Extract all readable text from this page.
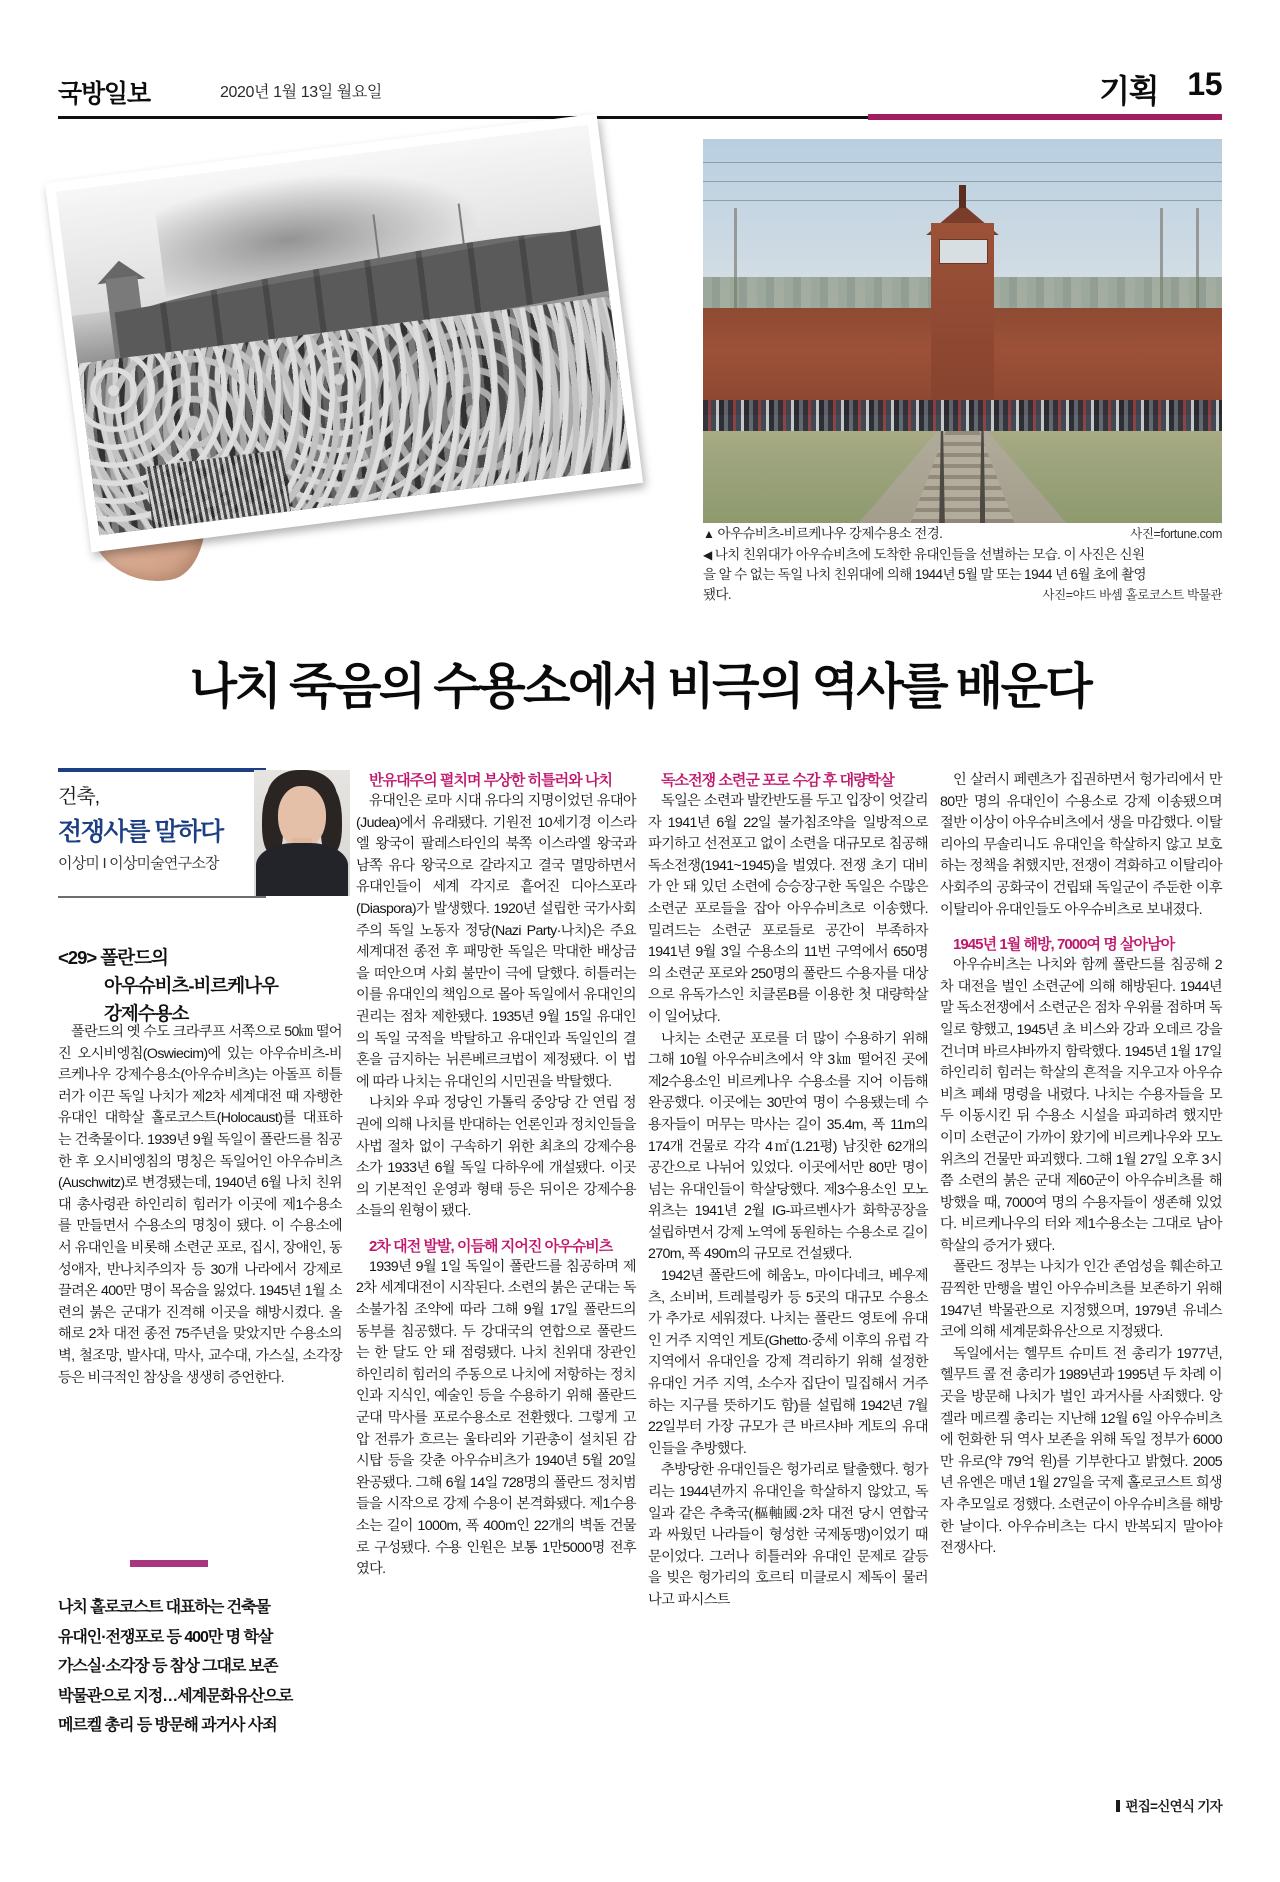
국방일보	2020년 1월 13일 월요일	기획 15
▲ 아우슈비츠-비르케나우 강제수용소 전경.	사진=fortune.com
◀ 나치 친위대가 아우슈비츠에 도착한 유대인들을 선별하는 모습. 이 사진은 신원
을 알 수 없는 독일 나치 친위대에 의해 1944년 5월 말 또는 1944 년 6월 초에 촬영
됐다.	사진=야드 바셈 홀로코스트 박물관
나치 죽음의 수용소에서 비극의 역사를 배운다
건축,
전쟁사를 말하다
이상미 I 이상미술연구소장
<29> 폴란드의
아우슈비츠-비르케나우
강제수용소

폴란드의 옛 수도 크라쿠프 서쪽으로 50㎞ 떨어진 오시비엥침(Oswiecim)에 있는 아우슈비츠-비르케나우 강제수용소(아우슈비츠)는 아돌프 히틀러가 이끈 독일 나치가 제2차 세계대전 때 자행한 유대인 대학살 홀로코스트(Holocaust)를 대표하는 건축물이다. 1939년 9월 독일이 폴란드를 침공한 후 오시비엥침의 명칭은 독일어인 아우슈비츠(Auschwitz)로 변경됐는데, 1940년 6월 나치 친위대 총사령관 하인리히 힘러가 이곳에 제1수용소를 만들면서 수용소의 명칭이 됐다. 이 수용소에서 유대인을 비롯해 소련군 포로, 집시, 장애인, 동성애자, 반나치주의자 등 30개 나라에서 강제로 끌려온 400만 명이 목숨을 잃었다. 1945년 1월 소련의 붉은 군대가 진격해 이곳을 해방시켰다. 올해로 2차 대전 종전 75주년을 맞았지만 수용소의 벽, 철조망, 발사대, 막사, 교수대, 가스실, 소각장 등은 비극적인 참상을 생생히 증언한다.

나치 홀로코스트 대표하는 건축물
유대인·전쟁포로 등 400만 명 학살
가스실·소각장 등 참상 그대로 보존
박물관으로 지정…세계문화유산으로
메르켈 총리 등 방문해 과거사 사죄

반유대주의 펼치며 부상한 히틀러와 나치

유대인은 로마 시대 유다의 지명이었던 유대아(Judea)에서 유래됐다. 기원전 10세기경 이스라엘 왕국이 팔레스타인의 북쪽 이스라엘 왕국과 남쪽 유다 왕국으로 갈라지고 결국 멸망하면서 유대인들이 세계 각지로 흩어진 디아스포라(Diaspora)가 발생했다. 1920년 설립한 국가사회주의 독일 노동자 정당(Nazi Party·나치)은 주요 세계대전 종전 후 패망한 독일은 막대한 배상금을 떠안으며 사회 불만이 극에 달했다. 히틀러는 이를 유대인의 책임으로 몰아 독일에서 유대인의 권리는 점차 제한됐다. 1935년 9월 15일 유대인의 독일 국적을 박탈하고 유대인과 독일인의 결혼을 금지하는 뉘른베르크법이 제정됐다. 이 법에 따라 나치는 유대인의 시민권을 박탈했다.

나치와 우파 정당인 가톨릭 중앙당 간 연립 정권에 의해 나치를 반대하는 언론인과 정치인들을 사법 절차 없이 구속하기 위한 최초의 강제수용소가 1933년 6월 독일 다하우에 개설됐다. 이곳의 기본적인 운영과 형태 등은 뒤이은 강제수용소들의 원형이 됐다.

2차 대전 발발, 이듬해 지어진 아우슈비츠

1939년 9월 1일 독일이 폴란드를 침공하며 제2차 세계대전이 시작된다. 소련의 붉은 군대는 독소불가침 조약에 따라 그해 9월 17일 폴란드의 동부를 침공했다. 두 강대국의 연합으로 폴란드는 한 달도 안 돼 점령됐다. 나치 친위대 장관인 하인리히 힘러의 주동으로 나치에 저항하는 정치인과 지식인, 예술인 등을 수용하기 위해 폴란드 군대 막사를 포로수용소로 전환했다. 그렇게 고압 전류가 흐르는 울타리와 기관총이 설치된 감시탑 등을 갖춘 아우슈비츠가 1940년 5월 20일 완공됐다. 그해 6월 14일 728명의 폴란드 정치범들을 시작으로 강제 수용이 본격화됐다. 제1수용소는 길이 1000m, 폭 400m인 22개의 벽돌 건물로 구성됐다. 수용 인원은 보통 1만5000명 전후였다.

독소전쟁 소련군 포로 수감 후 대량학살

독일은 소련과 발칸반도를 두고 입장이 엇갈리자 1941년 6월 22일 불가침조약을 일방적으로 파기하고 선전포고 없이 소련을 대규모로 침공해 독소전쟁(1941~1945)을 벌였다. 전쟁 초기 대비가 안 돼 있던 소련에 승승장구한 독일은 수많은 소련군 포로들을 잡아 아우슈비츠로 이송했다. 밀려드는 소련군 포로들로 공간이 부족하자 1941년 9월 3일 수용소의 11번 구역에서 650명의 소련군 포로와 250명의 폴란드 수용자를 대상으로 유독가스인 치클론B를 이용한 첫 대량학살이 일어났다.

나치는 소련군 포로를 더 많이 수용하기 위해 그해 10월 아우슈비츠에서 약 3㎞ 떨어진 곳에 제2수용소인 비르케나우 수용소를 지어 이듬해 완공했다. 이곳에는 30만여 명이 수용됐는데 수용자들이 머무는 막사는 길이 35.4m, 폭 11m의 174개 건물로 각각 4㎡(1.21평) 남짓한 62개의 공간으로 나뉘어 있었다. 이곳에서만 80만 명이 넘는 유대인들이 학살당했다. 제3수용소인 모노위츠는 1941년 2월 IG-파르벤사가 화학공장을 설립하면서 강제 노역에 동원하는 수용소로 길이 270m, 폭 490m의 규모로 건설됐다.

1942년 폴란드에 헤움노, 마이다네크, 베우제츠, 소비버, 트레블링카 등 5곳의 대규모 수용소가 추가로 세워졌다. 나치는 폴란드 영토에 유대인 거주 지역인 게토(Ghetto·중세 이후의 유럽 각 지역에서 유대인을 강제 격리하기 위해 설정한 유대인 거주 지역, 소수자 집단이 밀집해서 거주하는 지구를 뜻하기도 함)를 설립해 1942년 7월 22일부터 가장 규모가 큰 바르샤바 게토의 유대인들을 추방했다.

추방당한 유대인들은 헝가리로 탈출했다. 헝가리는 1944년까지 유대인을 학살하지 않았고, 독일과 같은 추축국(樞軸國·2차 대전 당시 연합국과 싸웠던 나라들이 형성한 국제동맹)이었기 때문이었다. 그러나 히틀러와 유대인 문제로 갈등을 빚은 헝가리의 호르티 미클로시 제독이 물러나고 파시스트

인 살러시 페렌츠가 집권하면서 헝가리에서 만 80만 명의 유대인이 수용소로 강제 이송됐으며 절반 이상이 아우슈비츠에서 생을 마감했다. 이탈리아의 무솔리니도 유대인을 학살하지 않고 보호하는 정책을 취했지만, 전쟁이 격화하고 이탈리아 사회주의 공화국이 건립돼 독일군이 주둔한 이후 이탈리아 유대인들도 아우슈비츠로 보내졌다.

1945년 1월 해방, 7000여 명 살아남아

아우슈비츠는 나치와 함께 폴란드를 침공해 2차 대전을 벌인 소련군에 의해 해방된다. 1944년 말 독소전쟁에서 소련군은 점차 우위를 점하며 독일로 향했고, 1945년 초 비스와 강과 오데르 강을 건너며 바르샤바까지 함락했다. 1945년 1월 17일 하인리히 힘러는 학살의 흔적을 지우고자 아우슈비츠 폐쇄 명령을 내렸다. 나치는 수용자들을 모두 이동시킨 뒤 수용소 시설을 파괴하려 했지만 이미 소련군이 가까이 왔기에 비르케나우와 모노위츠의 건물만 파괴했다. 그해 1월 27일 오후 3시쯤 소련의 붉은 군대 제60군이 아우슈비츠를 해방했을 때, 7000여 명의 수용자들이 생존해 있었다. 비르케나우의 터와 제1수용소는 그대로 남아 학살의 증거가 됐다.

폴란드 정부는 나치가 인간 존엄성을 훼손하고 끔찍한 만행을 벌인 아우슈비츠를 보존하기 위해 1947년 박물관으로 지정했으며, 1979년 유네스코에 의해 세계문화유산으로 지정됐다.

독일에서는 헬무트 슈미트 전 총리가 1977년, 헬무트 콜 전 총리가 1989년과 1995년 두 차례 이곳을 방문해 나치가 벌인 과거사를 사죄했다. 앙겔라 메르켈 총리는 지난해 12월 6일 아우슈비츠에 헌화한 뒤 역사 보존을 위해 독일 정부가 6000만 유로(약 79억 원)를 기부한다고 밝혔다. 2005년 유엔은 매년 1월 27일을 국제 홀로코스트 희생자 추모일로 정했다. 소련군이 아우슈비츠를 해방한 날이다. 아우슈비츠는 다시 반복되지 말아야 전쟁사다.

편집=신연식 기자
